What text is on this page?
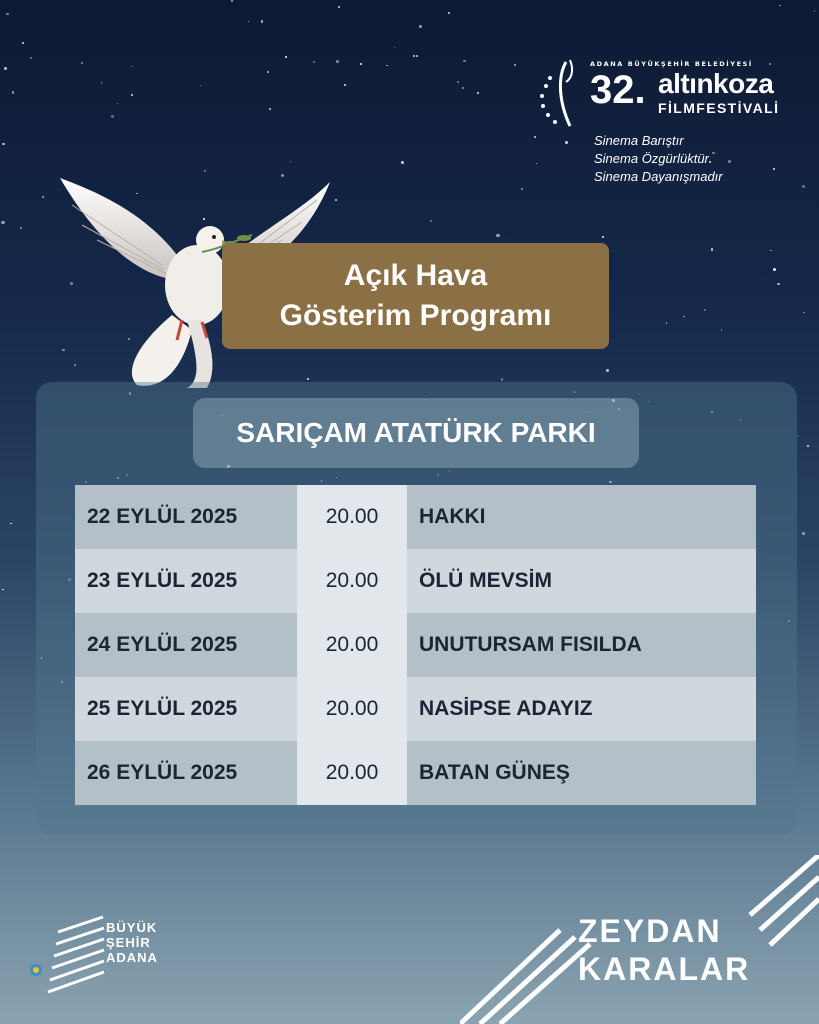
ADANA BÜYÜKŞEHİR BELEDİYESİ
32. altınkoza
FİLMFESTİVALİ
Sinema Barıştır
Sinema Özgürlüktür
Sinema Dayanışmadır
Açık Hava
Gösterim Programı
SARIÇAM ATATÜRK PARKI
22 EYLÜL 2025	20.00	HAKKI
23 EYLÜL 2025	20.00	ÖLÜ MEVSİM
24 EYLÜL 2025	20.00	UNUTURSAM FISILDA
25 EYLÜL 2025	20.00	NASİPSE ADAYIZ
26 EYLÜL 2025	20.00	BATAN GÜNEŞ
BÜYÜK
ŞEHİR
ADANA
ZEYDAN
KARALAR
